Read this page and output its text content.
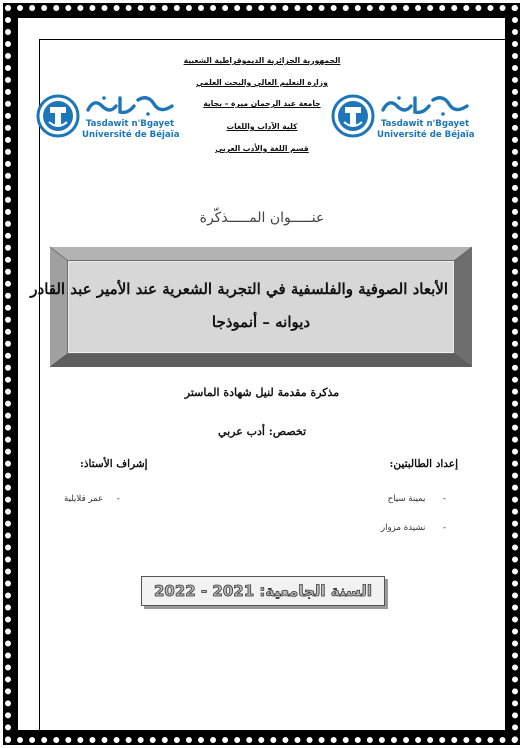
Tasdawit n'Bgayet
Université de Béjaïa
Tasdawit n'Bgayet
Université de Béjaïa
الجمهورية الجزائرية الديموقراطية الشعبية
وزارة التعليم العالي والبحث العلمي
جامعة عبد الرحمان ميرة – بجاية
كلية الآداب واللغات
قسم اللغة والأدب العربي
عنـــــوان المـــــذكّرة
الأبعاد الصوفية والفلسفية في التجربة الشعرية عند الأمير عبد القادر
ديوانه – أنموذجا
مذكرة مقدمة لنيل شهادة الماستر
تخصص: أدب عربي
إعداد الطالبتين:
-  يمينة سياح
-  نشيدة مزوار
إشراف الأستاذ:
-  عمر قلايلية
السنة الجامعية: 2021 - 2022
